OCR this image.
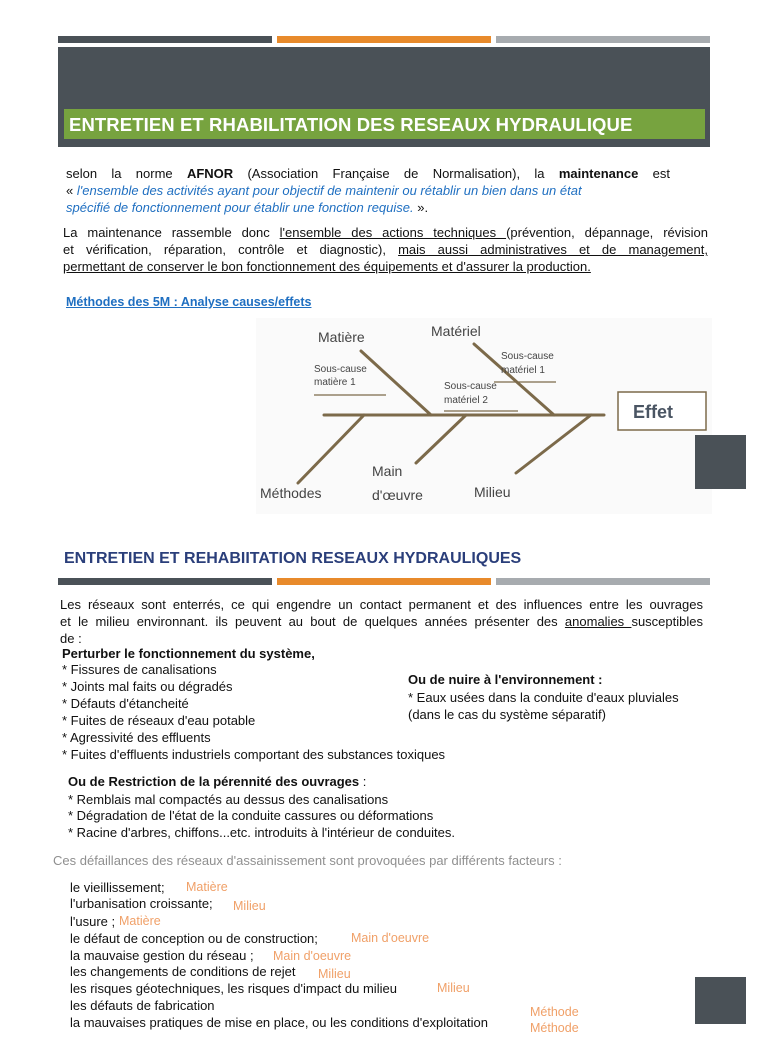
ENTRETIEN ET RHABILITATION DES RESEAUX HYDRAULIQUE
selon la norme AFNOR (Association Française de Normalisation), la maintenance est
« l'ensemble des activités ayant pour objectif de maintenir ou rétablir un bien dans un état
spécifié de fonctionnement pour établir une fonction requise. ».
La maintenance rassemble donc l'ensemble des actions techniques (prévention, dépannage, révision
et vérification, réparation, contrôle et diagnostic), mais aussi administratives et de management,
permettant de conserver le bon fonctionnement des équipements et d'assurer la production.
Méthodes des 5M : Analyse causes/effets
Matière	Matériel
Sous-cause
matière 1
Sous-cause
matériel 1
Sous-cause
matériel 2
Effet
Méthodes
Main
d'œuvre	Milieu
ENTRETIEN ET REHABIITATION RESEAUX HYDRAULIQUES
Les réseaux sont enterrés, ce qui engendre un contact permanent et des influences entre les ouvrages
et le milieu environnant. ils peuvent au bout de quelques années présenter des anomalies susceptibles
de :
Perturber le fonctionnement du système,
* Fissures de canalisations
* Joints mal faits ou dégradés
* Défauts d'étancheité
* Fuites de réseaux d'eau potable
* Agressivité des effluents
* Fuites d'effluents industriels comportant des substances toxiques
Ou de nuire à l'environnement :
* Eaux usées dans la conduite d'eaux pluviales
(dans le cas du système séparatif)
Ou de Restriction de la pérennité des ouvrages :
* Remblais mal compactés au dessus des canalisations
* Dégradation de l'état de la conduite cassures ou déformations
* Racine d'arbres, chiffons...etc. introduits à l'intérieur de conduites.
Ces défaillances des réseaux d'assainissement sont provoquées par différents facteurs :
le vieillissement; Matière
l'urbanisation croissante; Milieu
l'usure ; Matière
le défaut de conception ou de construction;	Main d'oeuvre
la mauvaise gestion du réseau ; Main d'oeuvre
les changements de conditions de rejet Milieu
les risques géotechniques, les risques d'impact du milieu	Milieu
les défauts de fabrication	Méthode
la mauvaises pratiques de mise en place, ou les conditions d'exploitation	Méthode
